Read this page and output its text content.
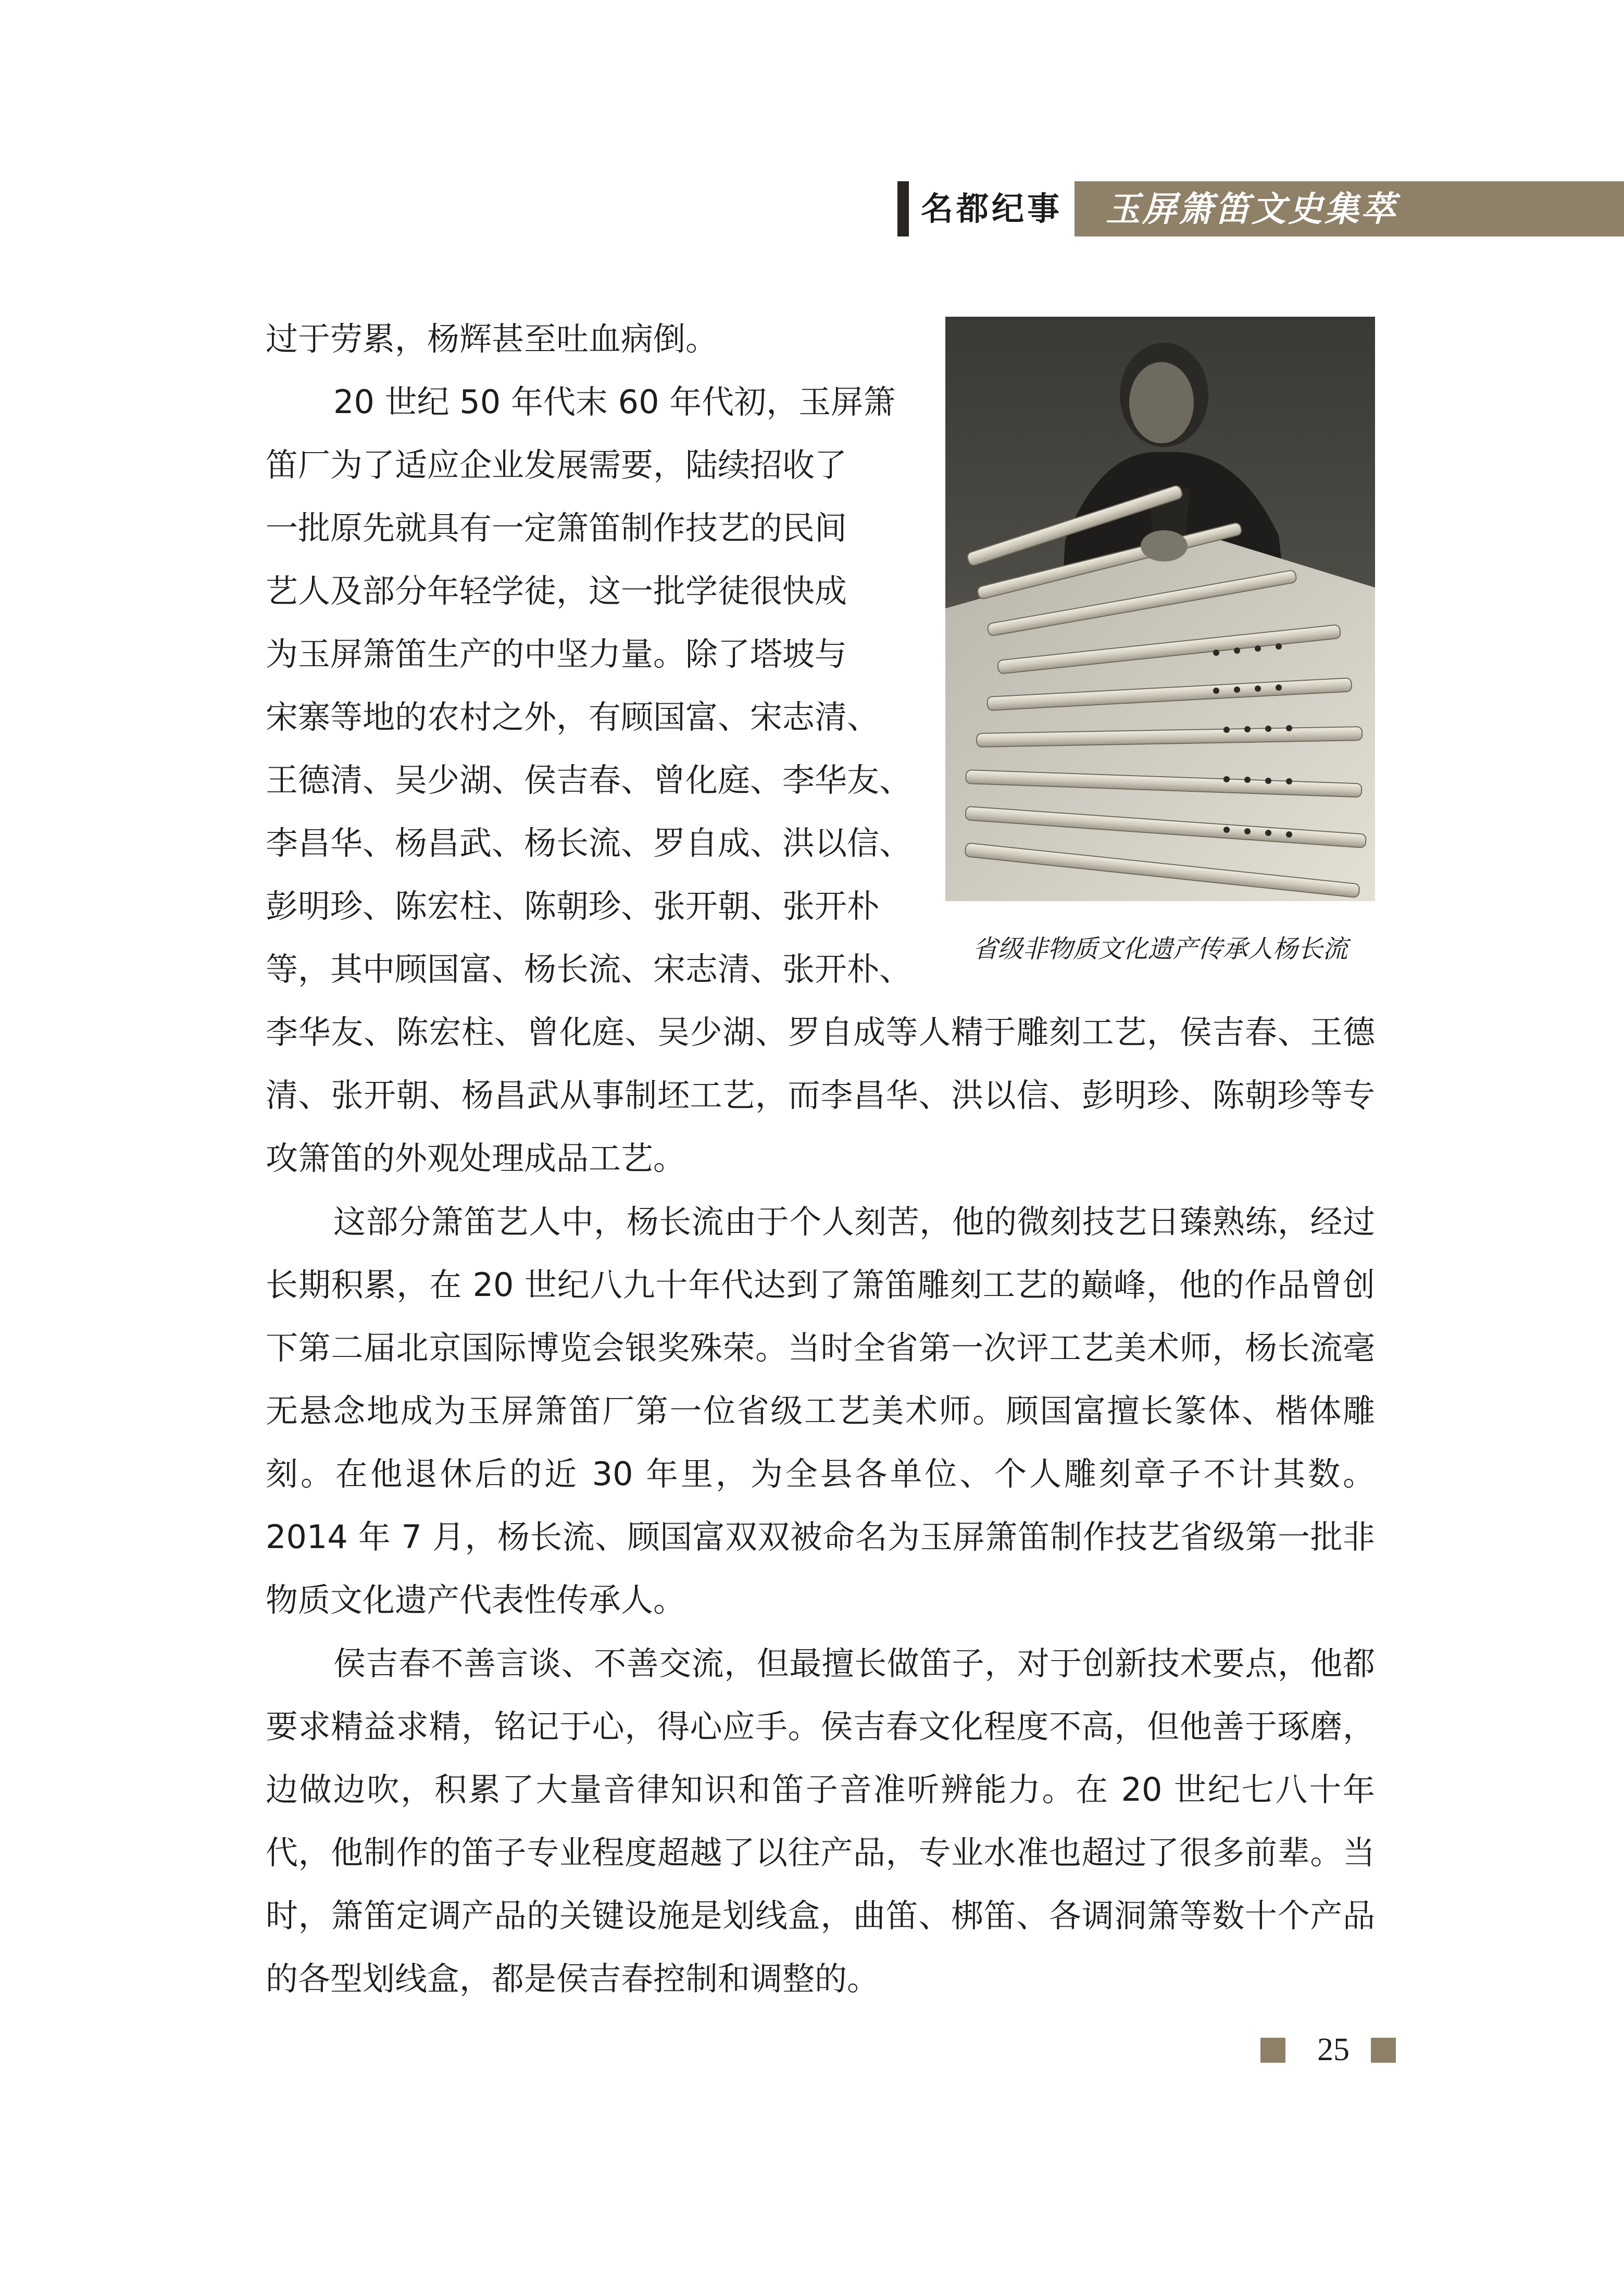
名都纪事	玉屏箫笛文史集萃

过于劳累，杨辉甚至吐血病倒。

20 世纪 50 年代末 60 年代初，玉屏箫
笛厂为了适应企业发展需要，陆续招收了
一批原先就具有一定箫笛制作技艺的民间
艺人及部分年轻学徒，这一批学徒很快成
为玉屏箫笛生产的中坚力量。除了塔坡与
宋寨等地的农村之外，有顾国富、宋志清、
王德清、吴少湖、侯吉春、曾化庭、李华友、
李昌华、杨昌武、杨长流、罗自成、洪以信、
彭明珍、陈宏柱、陈朝珍、张开朝、张开朴
等，其中顾国富、杨长流、宋志清、张开朴、

李华友、陈宏柱、曾化庭、吴少湖、罗自成等人精于雕刻工艺，侯吉春、王德清、张开朝、杨昌武从事制坯工艺，而李昌华、洪以信、彭明珍、陈朝珍等专攻箫笛的外观处理成品工艺。

这部分箫笛艺人中，杨长流由于个人刻苦，他的微刻技艺日臻熟练，经过长期积累，在 20 世纪八九十年代达到了箫笛雕刻工艺的巅峰，他的作品曾创下第二届北京国际博览会银奖殊荣。当时全省第一次评工艺美术师，杨长流毫无悬念地成为玉屏箫笛厂第一位省级工艺美术师。顾国富擅长篆体、楷体雕刻。在他退休后的近 30 年里，为全县各单位、个人雕刻章子不计其数。2014 年 7 月，杨长流、顾国富双双被命名为玉屏箫笛制作技艺省级第一批非物质文化遗产代表性传承人。

侯吉春不善言谈、不善交流，但最擅长做笛子，对于创新技术要点，他都要求精益求精，铭记于心，得心应手。侯吉春文化程度不高，但他善于琢磨，边做边吹，积累了大量音律知识和笛子音准听辨能力。在 20 世纪七八十年代，他制作的笛子专业程度超越了以往产品，专业水准也超过了很多前辈。当时，箫笛定调产品的关键设施是划线盒，曲笛、梆笛、各调洞箫等数十个产品的各型划线盒，都是侯吉春控制和调整的。

省级非物质文化遗产传承人杨长流
25
